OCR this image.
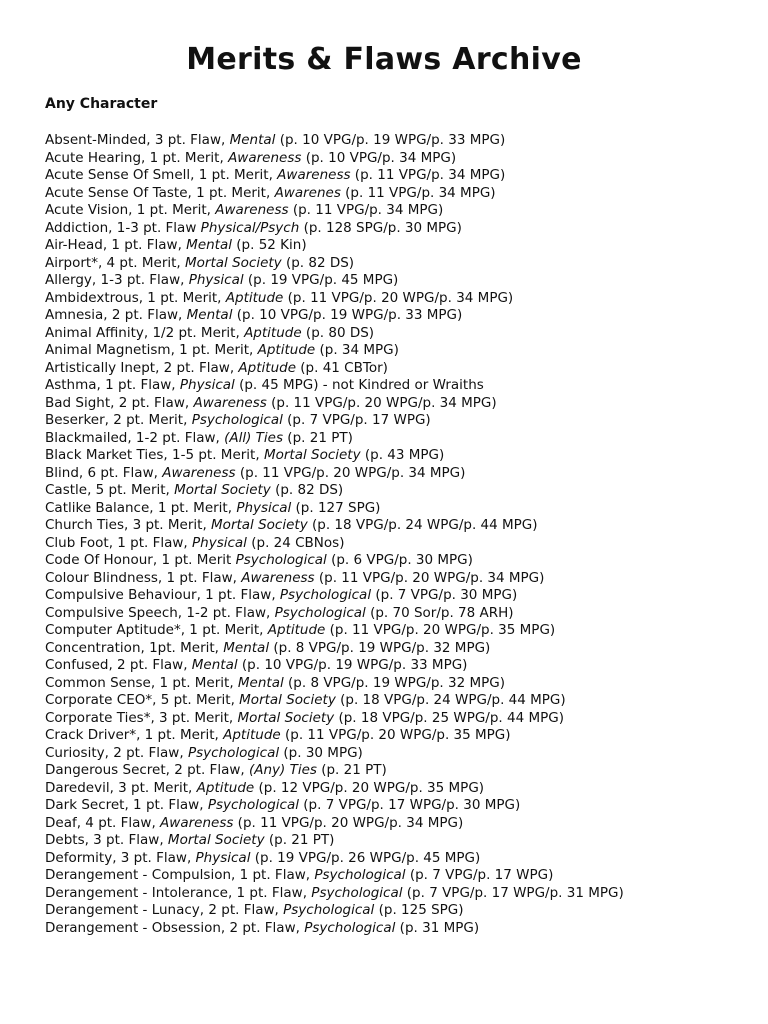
Merits & Flaws Archive
Any Character
Absent-Minded, 3 pt. Flaw, Mental (p. 10 VPG/p. 19 WPG/p. 33 MPG)
Acute Hearing, 1 pt. Merit, Awareness (p. 10 VPG/p. 34 MPG)
Acute Sense Of Smell, 1 pt. Merit, Awareness (p. 11 VPG/p. 34 MPG)
Acute Sense Of Taste, 1 pt. Merit, Awarenes (p. 11 VPG/p. 34 MPG)
Acute Vision, 1 pt. Merit, Awareness (p. 11 VPG/p. 34 MPG)
Addiction, 1-3 pt. Flaw Physical/Psych (p. 128 SPG/p. 30 MPG)
Air-Head, 1 pt. Flaw, Mental (p. 52 Kin)
Airport*, 4 pt. Merit, Mortal Society (p. 82 DS)
Allergy, 1-3 pt. Flaw, Physical (p. 19 VPG/p. 45 MPG)
Ambidextrous, 1 pt. Merit, Aptitude (p. 11 VPG/p. 20 WPG/p. 34 MPG)
Amnesia, 2 pt. Flaw, Mental (p. 10 VPG/p. 19 WPG/p. 33 MPG)
Animal Affinity, 1/2 pt. Merit, Aptitude (p. 80 DS)
Animal Magnetism, 1 pt. Merit, Aptitude (p. 34 MPG)
Artistically Inept, 2 pt. Flaw, Aptitude (p. 41 CBTor)
Asthma, 1 pt. Flaw, Physical (p. 45 MPG) - not Kindred or Wraiths
Bad Sight, 2 pt. Flaw, Awareness (p. 11 VPG/p. 20 WPG/p. 34 MPG)
Beserker, 2 pt. Merit, Psychological (p. 7 VPG/p. 17 WPG)
Blackmailed, 1-2 pt. Flaw, (All) Ties (p. 21 PT)
Black Market Ties, 1-5 pt. Merit, Mortal Society (p. 43 MPG)
Blind, 6 pt. Flaw, Awareness (p. 11 VPG/p. 20 WPG/p. 34 MPG)
Castle, 5 pt. Merit, Mortal Society (p. 82 DS)
Catlike Balance, 1 pt. Merit, Physical (p. 127 SPG)
Church Ties, 3 pt. Merit, Mortal Society (p. 18 VPG/p. 24 WPG/p. 44 MPG)
Club Foot, 1 pt. Flaw, Physical (p. 24 CBNos)
Code Of Honour, 1 pt. Merit Psychological (p. 6 VPG/p. 30 MPG)
Colour Blindness, 1 pt. Flaw, Awareness (p. 11 VPG/p. 20 WPG/p. 34 MPG)
Compulsive Behaviour, 1 pt. Flaw, Psychological (p. 7 VPG/p. 30 MPG)
Compulsive Speech, 1-2 pt. Flaw, Psychological (p. 70 Sor/p. 78 ARH)
Computer Aptitude*, 1 pt. Merit, Aptitude (p. 11 VPG/p. 20 WPG/p. 35 MPG)
Concentration, 1pt. Merit, Mental (p. 8 VPG/p. 19 WPG/p. 32 MPG)
Confused, 2 pt. Flaw, Mental (p. 10 VPG/p. 19 WPG/p. 33 MPG)
Common Sense, 1 pt. Merit, Mental (p. 8 VPG/p. 19 WPG/p. 32 MPG)
Corporate CEO*, 5 pt. Merit, Mortal Society (p. 18 VPG/p. 24 WPG/p. 44 MPG)
Corporate Ties*, 3 pt. Merit, Mortal Society (p. 18 VPG/p. 25 WPG/p. 44 MPG)
Crack Driver*, 1 pt. Merit, Aptitude (p. 11 VPG/p. 20 WPG/p. 35 MPG)
Curiosity, 2 pt. Flaw, Psychological (p. 30 MPG)
Dangerous Secret, 2 pt. Flaw, (Any) Ties (p. 21 PT)
Daredevil, 3 pt. Merit, Aptitude (p. 12 VPG/p. 20 WPG/p. 35 MPG)
Dark Secret, 1 pt. Flaw, Psychological (p. 7 VPG/p. 17 WPG/p. 30 MPG)
Deaf, 4 pt. Flaw, Awareness (p. 11 VPG/p. 20 WPG/p. 34 MPG)
Debts, 3 pt. Flaw, Mortal Society (p. 21 PT)
Deformity, 3 pt. Flaw, Physical (p. 19 VPG/p. 26 WPG/p. 45 MPG)
Derangement - Compulsion, 1 pt. Flaw, Psychological (p. 7 VPG/p. 17 WPG)
Derangement - Intolerance, 1 pt. Flaw, Psychological (p. 7 VPG/p. 17 WPG/p. 31 MPG)
Derangement - Lunacy, 2 pt. Flaw, Psychological (p. 125 SPG)
Derangement - Obsession, 2 pt. Flaw, Psychological (p. 31 MPG)
